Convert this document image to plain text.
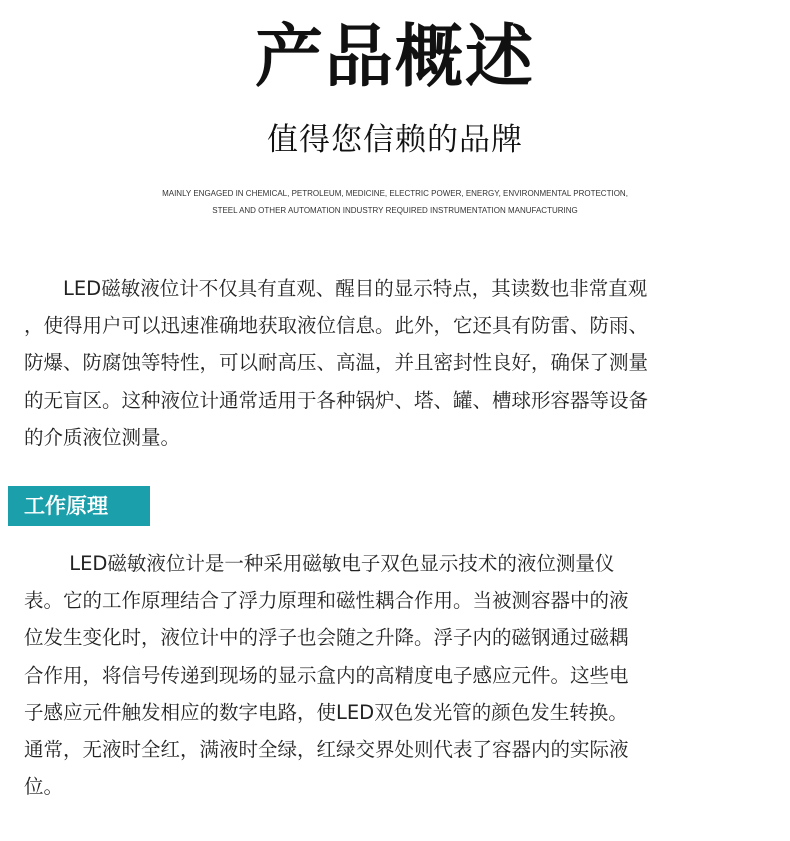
产品概述
值得您信赖的品牌
MAINLY ENGAGED IN CHEMICAL, PETROLEUM, MEDICINE, ELECTRIC POWER, ENERGY, ENVIRONMENTAL PROTECTION,
STEEL AND OTHER AUTOMATION INDUSTRY REQUIRED INSTRUMENTATION MANUFACTURING
　　LED磁敏液位计不仅具有直观、醒目的显示特点，其读数也非常直观
，使得用户可以迅速准确地获取液位信息。此外，它还具有防雷、防雨、
防爆、防腐蚀等特性，可以耐高压、高温，并且密封性良好，确保了测量
的无盲区。这种液位计通常适用于各种锅炉、塔、罐、槽球形容器等设备
的介质液位测量。
工作原理
　　 LED磁敏液位计是一种采用磁敏电子双色显示技术的液位测量仪
表。它的工作原理结合了浮力原理和磁性耦合作用。当被测容器中的液
位发生变化时，液位计中的浮子也会随之升降。浮子内的磁钢通过磁耦
合作用，将信号传递到现场的显示盒内的高精度电子感应元件。这些电
子感应元件触发相应的数字电路，使LED双色发光管的颜色发生转换。
通常，无液时全红，满液时全绿，红绿交界处则代表了容器内的实际液
位。
